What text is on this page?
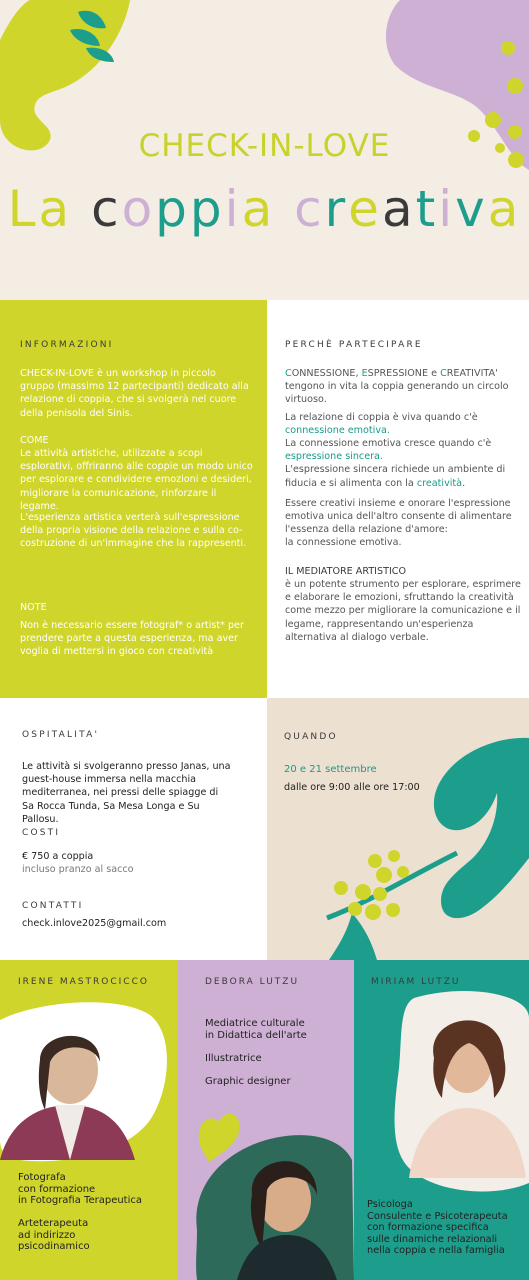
CHECK-IN-LOVE
La coppia creativa
INFORMAZIONI
CHECK-IN-LOVE è un workshop in piccolo gruppo (massimo 12 partecipanti) dedicato alla relazione di coppia, che si svolgerà nel cuore della penisola del Sinis.
COME
Le attività artistiche, utilizzate a scopi esplorativi, offriranno alle coppie un modo unico per esplorare e condividere emozioni e desideri, migliorare la comunicazione, rinforzare il legame.
L'esperienza artistica verterà sull'espressione della propria visione della relazione e sulla co-costruzione di un'immagine che la rappresenti.
NOTE
Non è necessario essere fotograf* o artist* per prendere parte a questa esperienza, ma aver voglia di mettersi in gioco con creatività
PERCHÈ PARTECIPARE

CONNESSIONE, ESPRESSIONE e CREATIVITA'

tengono in vita la coppia generando un circolo virtuoso.

La relazione di coppia è viva quando c'è

connessione emotiva.

La connessione emotiva cresce quando c'è

espressione sincera.

L'espressione sincera richiede un ambiente di fiducia e si alimenta con la creatività.

Essere creativi insieme e onorare l'espressione emotiva unica dell'altro consente di alimentare l'essenza della relazione d'amore:

la connessione emotiva.

IL MEDIATORE ARTISTICO
è un potente strumento per esplorare, esprimere e elaborare le emozioni, sfruttando la creatività come mezzo per migliorare la comunicazione e il legame, rappresentando un'esperienza alternativa al dialogo verbale.
OSPITALITA'
Le attività si svolgeranno presso Janas, una guest-house immersa nella macchia mediterranea, nei pressi delle spiagge di Sa Rocca Tunda, Sa Mesa Longa e Su Pallosu.
COSTI
€ 750 a coppia
incluso pranzo al sacco
CONTATTI
check.inlove2025@gmail.com
QUANDO
20 e 21 settembre
dalle ore 9:00 alle ore 17:00
IRENE MASTROCICCO
Fotografa
con formazione
in Fotografia Terapeutica
Arteterapeuta
ad indirizzo
psicodinamico
DEBORA LUTZU
Mediatrice culturale
in Didattica dell'arte
Illustratrice
Graphic designer
MIRIAM LUTZU
Psicologa
Consulente e Psicoterapeuta
con formazione specifica
sulle dinamiche relazionali
nella coppia e nella famiglia
